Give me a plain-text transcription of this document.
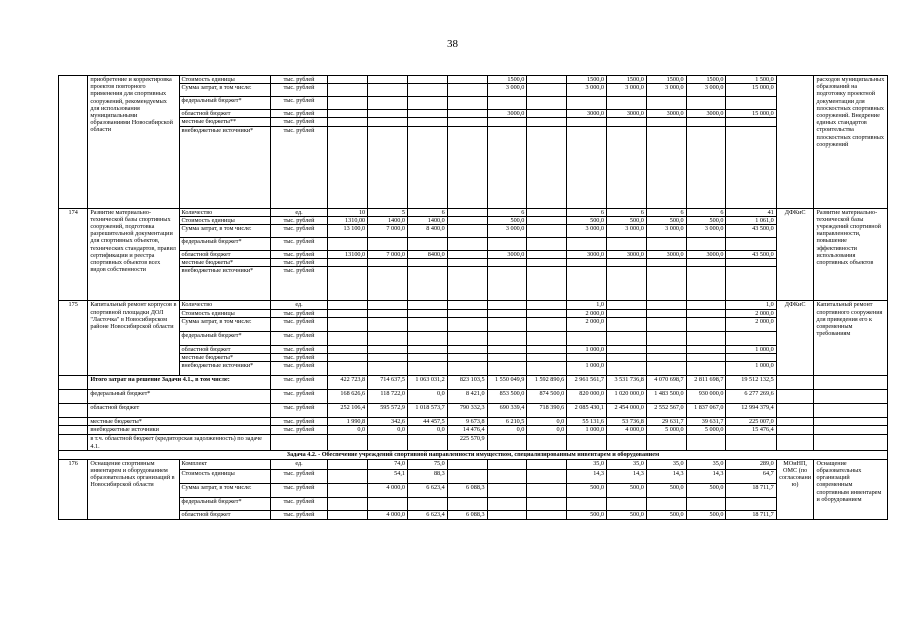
38
	приобретение и корректировка проектов повторного применения для спортивных сооружений, рекомендуемых для использования муниципальными образованиями Новосибирской области	Стоимость единицы	тыс. рублей					1500,0		1500,0	1500,0	1500,0	1500,0	1 500,0		расходов муниципальных образований на подготовку проектной документации для плоскостных спортивных сооружений. Внедрение единых стандартов строительства плоскостных спортивных сооружений
		Сумма затрат, в том числе:	тыс. рублей					3 000,0		3 000,0	3 000,0	3 000,0	3 000,0	15 000,0		
		федеральный бюджет*	тыс. рублей													
		областной бюджет	тыс. рублей					3000,0		3000,0	3000,0	3000,0	3000,0	15 000,0		
		местные бюджеты**	тыс. рублей													
		внебюджетные источники*	тыс. рублей													
174	Развитие материально-технической базы спортивных сооружений, подготовка разрешительной документации для спортивных объектов, технических стандартов, правил сертификации и реестра спортивных объектов всех видов собственности	Количество	ед.	10	5	6		6		6	6	6	6	41	ДФКиС	Развитие материально-технической базы учреждений спортивной направленности, повышение эффективности использования спортивных объектов
		Стоимость единицы	тыс. рублей	1310,00	1400,0	1400,0		500,0		500,0	500,0	500,0	500,0	1 061,0		
		Сумма затрат, в том числе:	тыс. рублей	13 100,0	7 000,0	8 400,0		3 000,0		3 000,0	3 000,0	3 000,0	3 000,0	43 500,0		
		федеральный бюджет*	тыс. рублей													
		областной бюджет	тыс. рублей	13100,0	7 000,0	8400,0		3000,0		3000,0	3000,0	3000,0	3000,0	43 500,0		
		местные бюджеты*	тыс. рублей													
		внебюджетные источники*	тыс. рублей													
175	Капитальный ремонт корпусов в спортивной площадки ДОЛ "Ласточка" в Новосибирском районе Новосибирской области	Количество	ед.							1,0				1,0	ДФКиС	Капитальный ремонт спортивного сооружения для приведения его к современным требованиям
		Стоимость единицы	тыс. рублей							2 000,0				2 000,0		
		Сумма затрат, в том числе:	тыс. рублей							2 000,0				2 000,0		
		федеральный бюджет*	тыс. рублей													
		областной бюджет	тыс. рублей							1 000,0				1 000,0		
		местные бюджеты*	тыс. рублей													
		внебюджетные источники*	тыс. рублей							1 000,0				1 000,0		
	Итого затрат на решение Задачи 4.1., в том числе:		тыс. рублей	422 723,8	714 637,5	1 063 031,2	823 103,5	1 550 049,9	1 592 890,6	2 961 561,7	3 531 736,8	4 070 698,7	2 811 698,7	19 512 132,5		
	федеральный бюджет*		тыс. рублей	168 626,6	118 722,0	0,0	8 421,0	853 500,0	874 500,0	820 000,0	1 020 000,0	1 483 500,0	930 000,0	6 277 269,6		
	областной бюджет		тыс. рублей	252 106,4	595 572,9	1 018 573,7	790 332,3	690 339,4	718 390,6	2 085 430,1	2 454 000,0	2 552 567,0	1 837 067,0	12 994 379,4		
	местные бюджеты*		тыс. рублей	1 990,8	342,6	44 457,5	9 673,8	6 210,5	0,0	55 131,6	53 736,8	29 631,7	39 631,7	225 007,0		
	внебюджетные источники		тыс. рублей	0,0	0,0	0,0	14 476,4	0,0	0,0	1 000,0	4 000,0	5 000,0	5 000,0	15 476,4		
	в т.ч. областной бюджет (кредиторская задолженность) по задаче 4.1.						225 570,9									
Задача 4.2. - Обеспечение учреждений спортивной направленности имуществом, специализированным инвентарем и оборудованием																
176	Оснащение спортивным инвентарем и оборудованием образовательных организаций в Новосибирской области	Комплект	ед.		74,0	75,0				35,0	35,0	35,0	35,0	289,0	МОиНП, ОМС (по согласованию)	Оснащение образовательных организаций современным спортивным инвентарем и оборудованием
		Стоимость единицы	тыс. рублей		54,1	88,3				14,3	14,3	14,3	14,3	64,7		
		Сумма затрат, в том числе:	тыс. рублей		4 000,0	6 623,4	6 088,3			500,0	500,0	500,0	500,0	18 711,7		
		федеральный бюджет*	тыс. рублей													
		областной бюджет	тыс. рублей		4 000,0	6 623,4	6 088,3			500,0	500,0	500,0	500,0	18 711,7		
